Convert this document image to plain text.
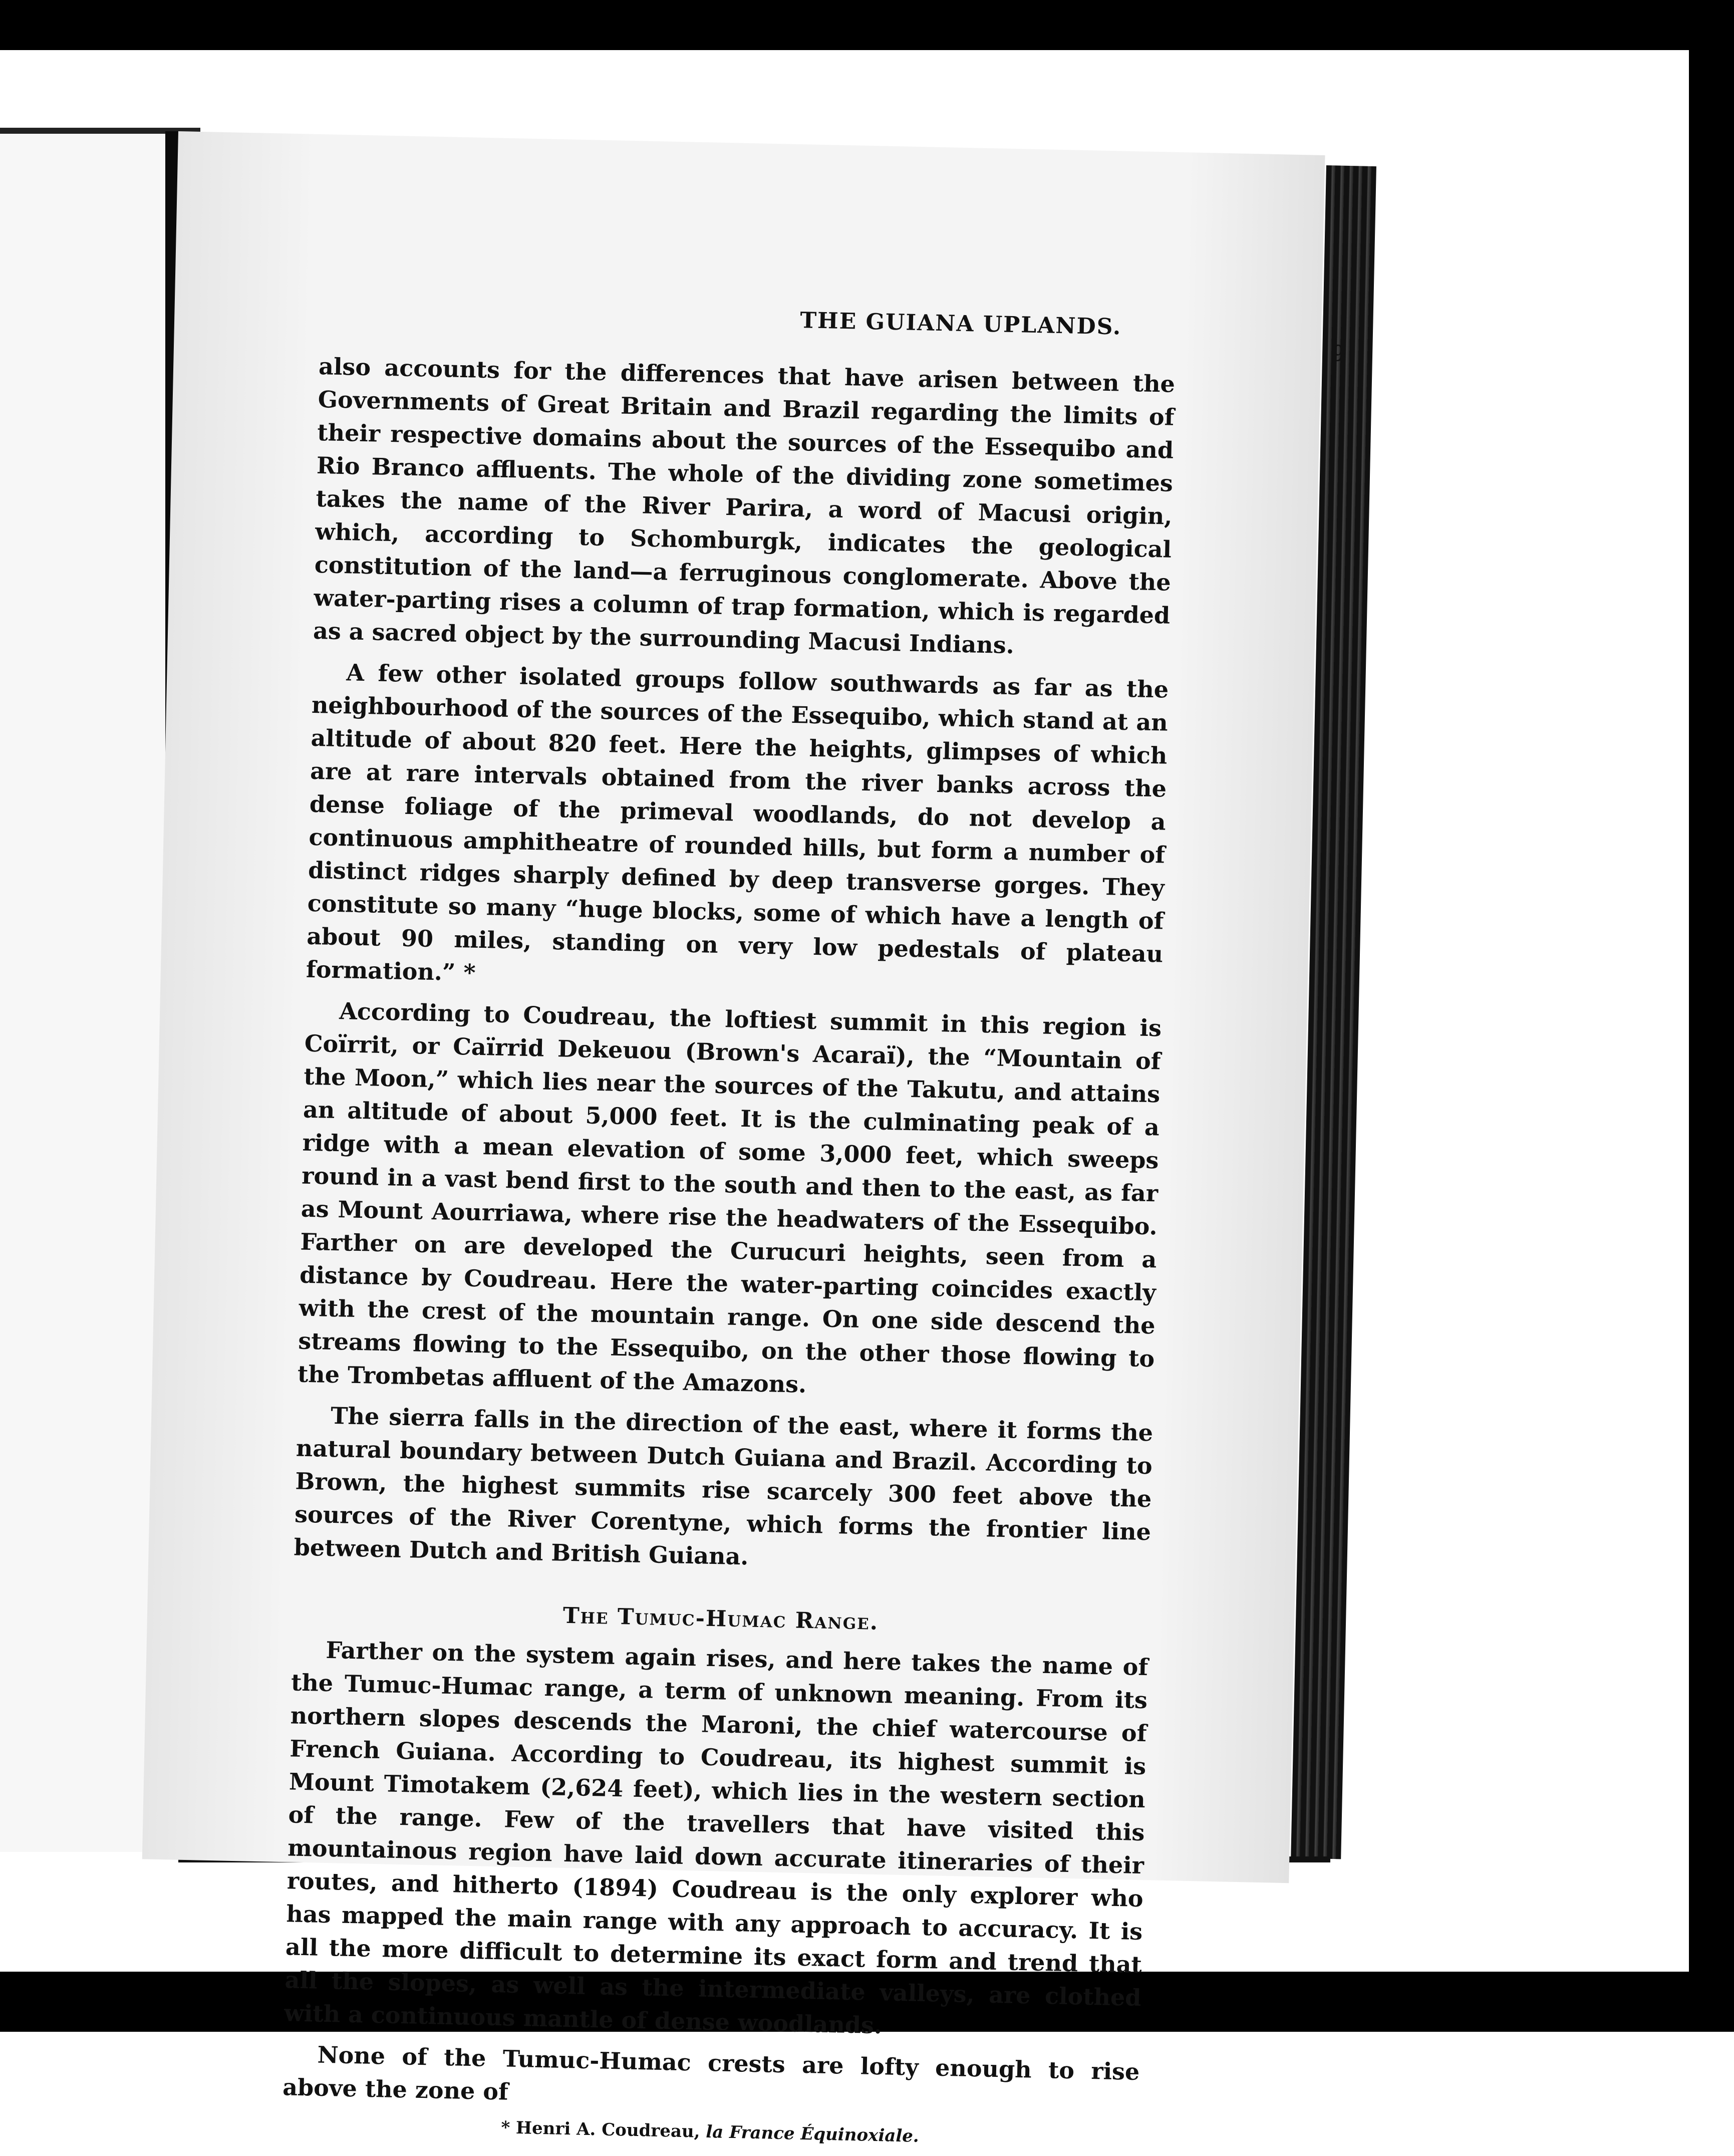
THE GUIANA UPLANDS.
9

also accounts for the differences that have arisen between the Governments of Great Britain and Brazil regarding the limits of their respective domains about the sources of the Essequibo and Rio Branco affluents. The whole of the dividing zone sometimes takes the name of the River Parira, a word of Macusi origin, which, according to Schomburgk, indicates the geological constitution of the land—a ferruginous conglomerate. Above the water-parting rises a column of trap formation, which is regarded as a sacred object by the surrounding Macusi Indians.

A few other isolated groups follow southwards as far as the neighbourhood of the sources of the Essequibo, which stand at an altitude of about 820 feet. Here the heights, glimpses of which are at rare intervals obtained from the river banks across the dense foliage of the primeval woodlands, do not develop a continuous amphitheatre of rounded hills, but form a number of distinct ridges sharply defined by deep transverse gorges. They constitute so many “huge blocks, some of which have a length of about 90 miles, standing on very low pedestals of plateau formation.” *

According to Coudreau, the loftiest summit in this region is Coïrrit, or Caïrrid Dekeuou (Brown's Acaraï), the “Mountain of the Moon,” which lies near the sources of the Takutu, and attains an altitude of about 5,000 feet. It is the culminating peak of a ridge with a mean elevation of some 3,000 feet, which sweeps round in a vast bend first to the south and then to the east, as far as Mount Aourriawa, where rise the headwaters of the Essequibo. Farther on are developed the Curucuri heights, seen from a distance by Coudreau. Here the water-parting coincides exactly with the crest of the mountain range. On one side descend the streams flowing to the Essequibo, on the other those flowing to the Trombetas affluent of the Amazons.

The sierra falls in the direction of the east, where it forms the natural boundary between Dutch Guiana and Brazil. According to Brown, the highest summits rise scarcely 300 feet above the sources of the River Corentyne, which forms the frontier line between Dutch and British Guiana.

The Tumuc-Humac Range.

Farther on the system again rises, and here takes the name of the Tumuc-Humac range, a term of unknown meaning. From its northern slopes descends the Maroni, the chief watercourse of French Guiana. According to Coudreau, its highest summit is Mount Timotakem (2,624 feet), which lies in the western section of the range. Few of the travellers that have visited this mountainous region have laid down accurate itineraries of their routes, and hitherto (1894) Coudreau is the only explorer who has mapped the main range with any approach to accuracy. It is all the more difficult to determine its exact form and trend that all the slopes, as well as the intermediate valleys, are clothed with a continuous mantle of dense woodlands.

None of the Tumuc-Humac crests are lofty enough to rise above the zone of

* Henri A. Coudreau, la France Équinoxiale.
